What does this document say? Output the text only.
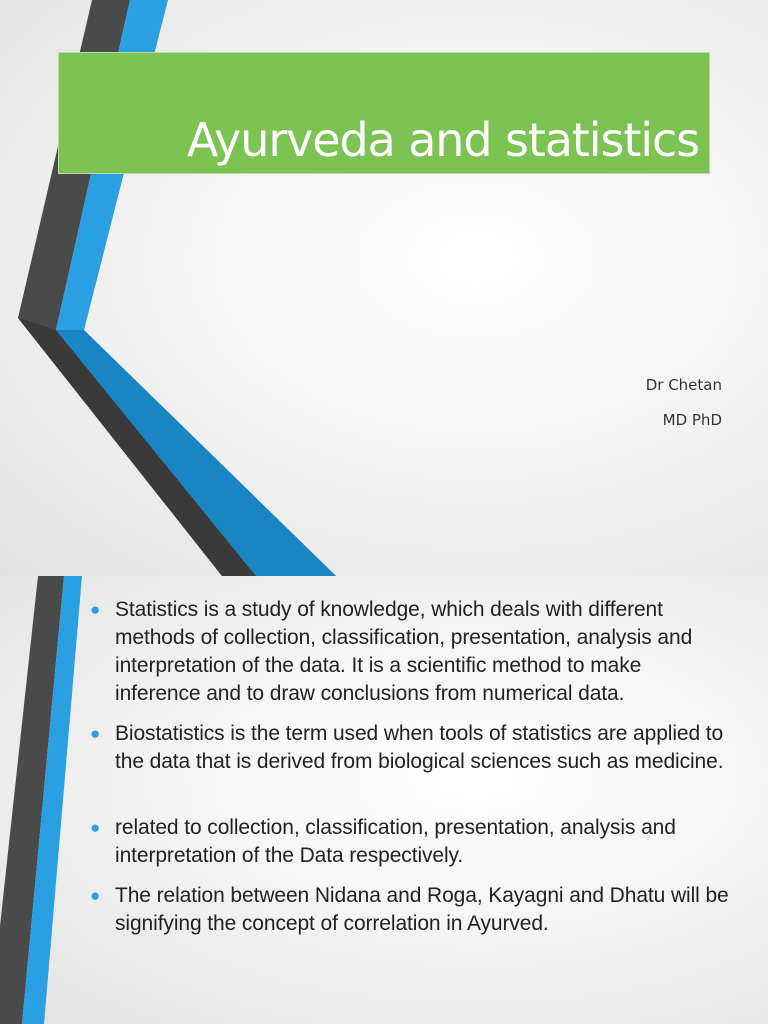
Ayurveda and statistics
Dr Chetan
MD PhD
● Statistics is a study of knowledge, which deals with different methods of collection, classification, presentation, analysis and interpretation of the data. It is a scientific method to make inference and to draw conclusions from numerical data.
● Biostatistics is the term used when tools of statistics are applied to the data that is derived from biological sciences such as medicine.
● related to collection, classification, presentation, analysis and interpretation of the Data respectively.
● The relation between Nidana and Roga, Kayagni and Dhatu will be signifying the concept of correlation in Ayurved.
